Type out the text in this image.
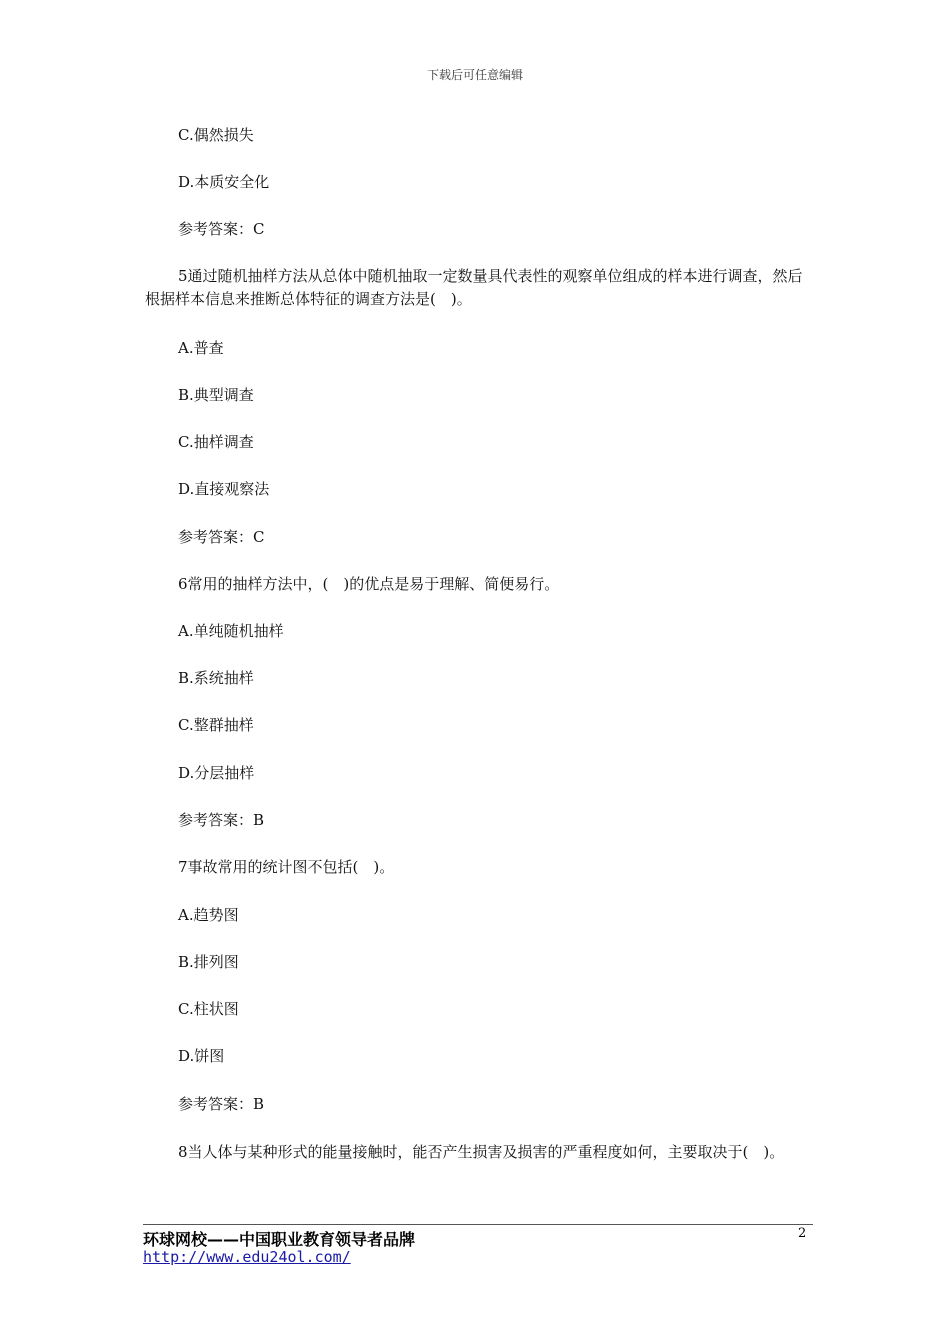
下载后可任意编辑
C.偶然损失
D.本质安全化
参考答案：C
5通过随机抽样方法从总体中随机抽取一定数量具代表性的观察单位组成的样本进行调查，然后根据样本信息来推断总体特征的调查方法是(　)。
A.普查
B.典型调查
C.抽样调查
D.直接观察法
参考答案：C
6常用的抽样方法中，(　)的优点是易于理解、简便易行。
A.单纯随机抽样
B.系统抽样
C.整群抽样
D.分层抽样
参考答案：B
7事故常用的统计图不包括(　)。
A.趋势图
B.排列图
C.柱状图
D.饼图
参考答案：B
8当人体与某种形式的能量接触时，能否产生损害及损害的严重程度如何，主要取决于(　)。
环球网校——中国职业教育领导者品牌
http://www.edu24ol.com/
2
